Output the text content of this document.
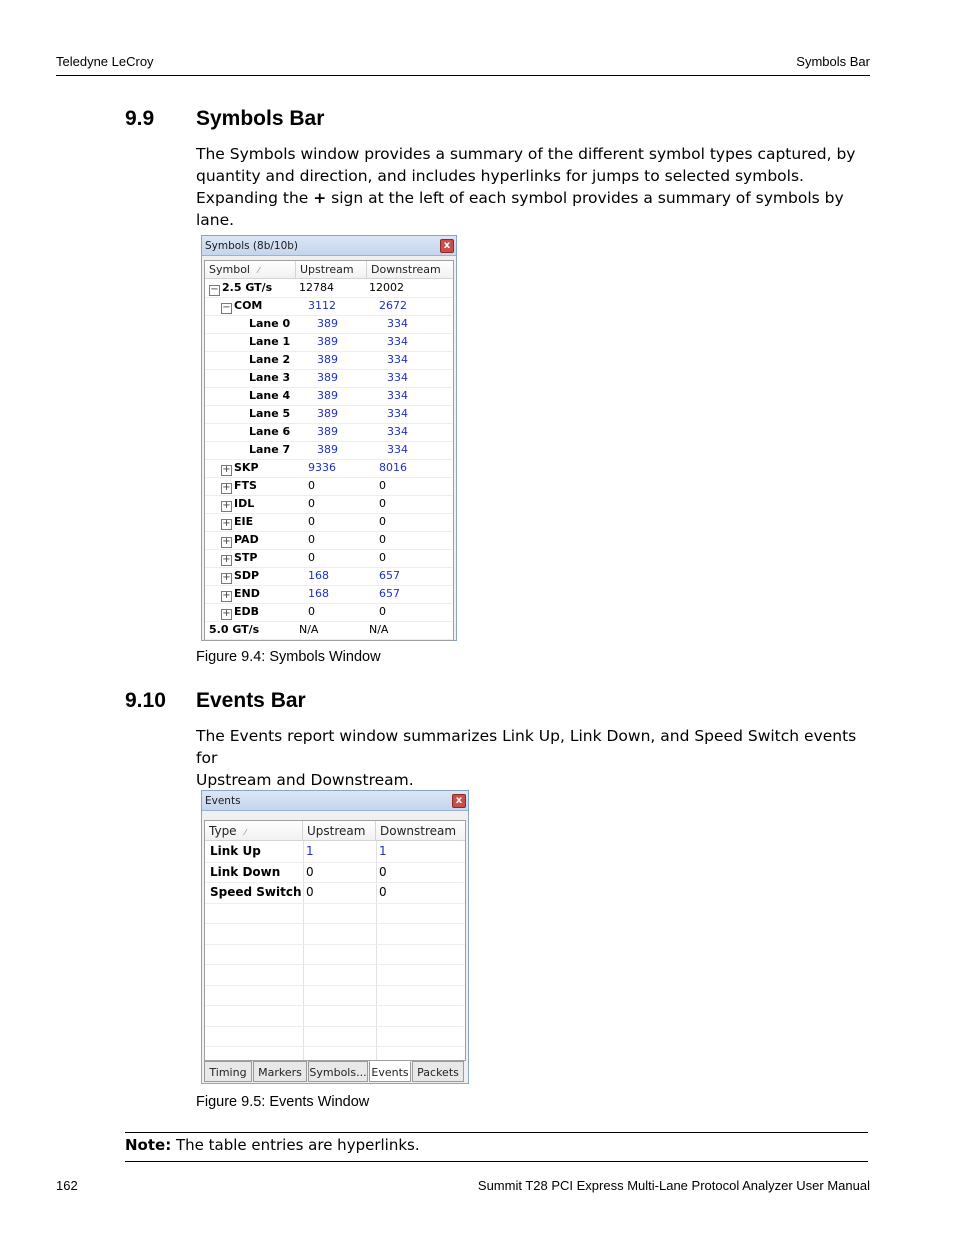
Teledyne LeCroy	Symbols Bar
9.9 Symbols Bar
The Symbols window provides a summary of the different symbol types captured, by
quantity and direction, and includes hyperlinks for jumps to selected symbols.
Expanding the + sign at the left of each symbol provides a summary of symbols by lane.
Symbols (8b/10b)	x
Symbol ⁄	Upstream	Downstream
− 2.5 GT/s 12784	12002
− COM	3112	2672
Lane 0 389	334
Lane 1 389	334
Lane 2 389	334
Lane 3 389	334
Lane 4 389	334
Lane 5 389	334
Lane 6 389	334
Lane 7 389	334
+ SKP	9336	8016
+ FTS	0	0
+ IDL	0	0
+ EIE	0	0
+ PAD	0	0
+ STP	0	0
+ SDP	168	657
+ END	168	657
+ EDB	0	0
5.0 GT/s	N/A	N/A
Figure 9.4: Symbols Window
9.10 Events Bar
The Events report window summarizes Link Up, Link Down, and Speed Switch events for
Upstream and Downstream.
Events	x
Type ⁄	Upstream	Downstream
Link Up	1	1
Link Down 0	0
Speed Switch 0	0
Timing	Markers Symbols... Events Packets
Figure 9.5: Events Window
Note: The table entries are hyperlinks.
162	Summit T28 PCI Express Multi-Lane Protocol Analyzer User Manual
